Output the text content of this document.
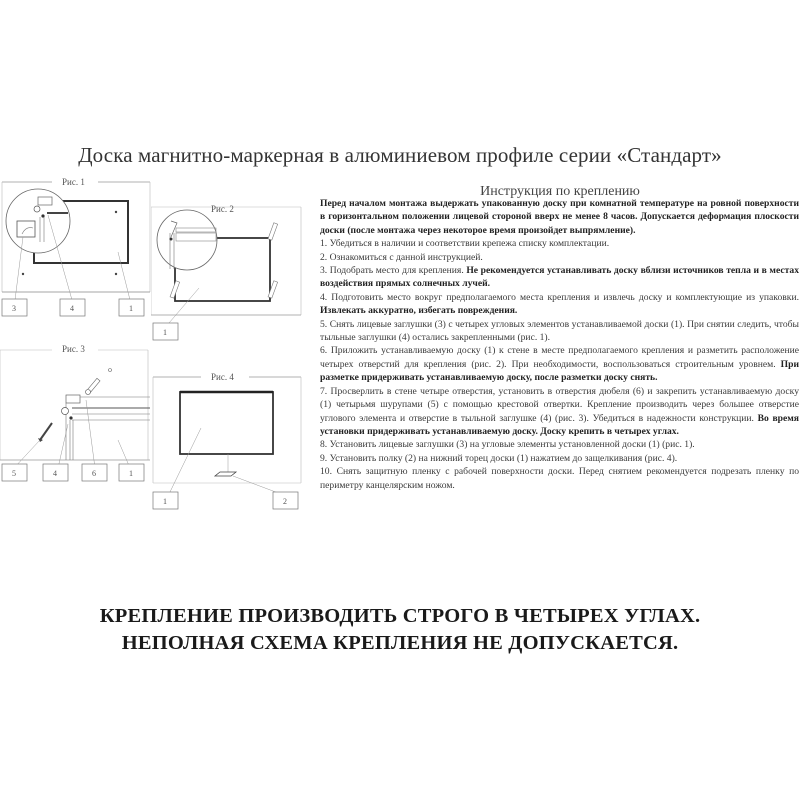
Доска магнитно-маркерная в алюминиевом профиле серии «Стандарт»
Рис. 1
3	4	1
Рис. 2
1
Рис. 3
5	4	6	1
Рис. 4
1	2
Инструкция по креплению

Перед началом монтажа выдержать упакованную доску при комнатной температуре на ровной поверхности в горизонтальном положении лицевой стороной вверх не менее 8 часов. Допускается деформация плоскости доски (после монтажа через некоторое время произойдет выпрямление).

1. Убедиться в наличии и соответствии крепежа списку комплектации.

2. Ознакомиться с данной инструкцией.

3. Подобрать место для крепления. Не рекомендуется устанавливать доску вблизи источников тепла и в местах воздействия прямых солнечных лучей.

4. Подготовить место вокруг предполагаемого места крепления и извлечь доску и комплектующие из упаковки. Извлекать аккуратно, избегать повреждения.

5. Снять лицевые заглушки (3) с четырех угловых элементов устанавливаемой доски (1). При снятии следить, чтобы тыльные заглушки (4) остались закрепленными (рис. 1).

6. Приложить устанавливаемую доску (1) к стене в месте предполагаемого крепления и разметить расположение четырех отверстий для крепления (рис. 2). При необходимости, воспользоваться строительным уровнем. При разметке придерживать устанавливаемую доску, после разметки доску снять.

7. Просверлить в стене четыре отверстия, установить в отверстия дюбеля (6) и закрепить устанавливаемую доску (1) четырьмя шурупами (5) с помощью крестовой отвертки. Крепление производить через большее отверстие углового элемента и отверстие в тыльной заглушке (4) (рис. 3). Убедиться в надежности конструкции. Во время установки придерживать устанавливаемую доску. Доску крепить в четырех углах.

8. Установить лицевые заглушки (3) на угловые элементы установленной доски (1) (рис. 1).

9. Установить полку (2) на нижний торец доски (1) нажатием до защелкивания (рис. 4).

10. Снять защитную пленку с рабочей поверхности доски. Перед снятием рекомендуется подрезать пленку по периметру канцелярским ножом.

КРЕПЛЕНИЕ ПРОИЗВОДИТЬ СТРОГО В ЧЕТЫРЕХ УГЛАХ.
НЕПОЛНАЯ СХЕМА КРЕПЛЕНИЯ НЕ ДОПУСКАЕТСЯ.
